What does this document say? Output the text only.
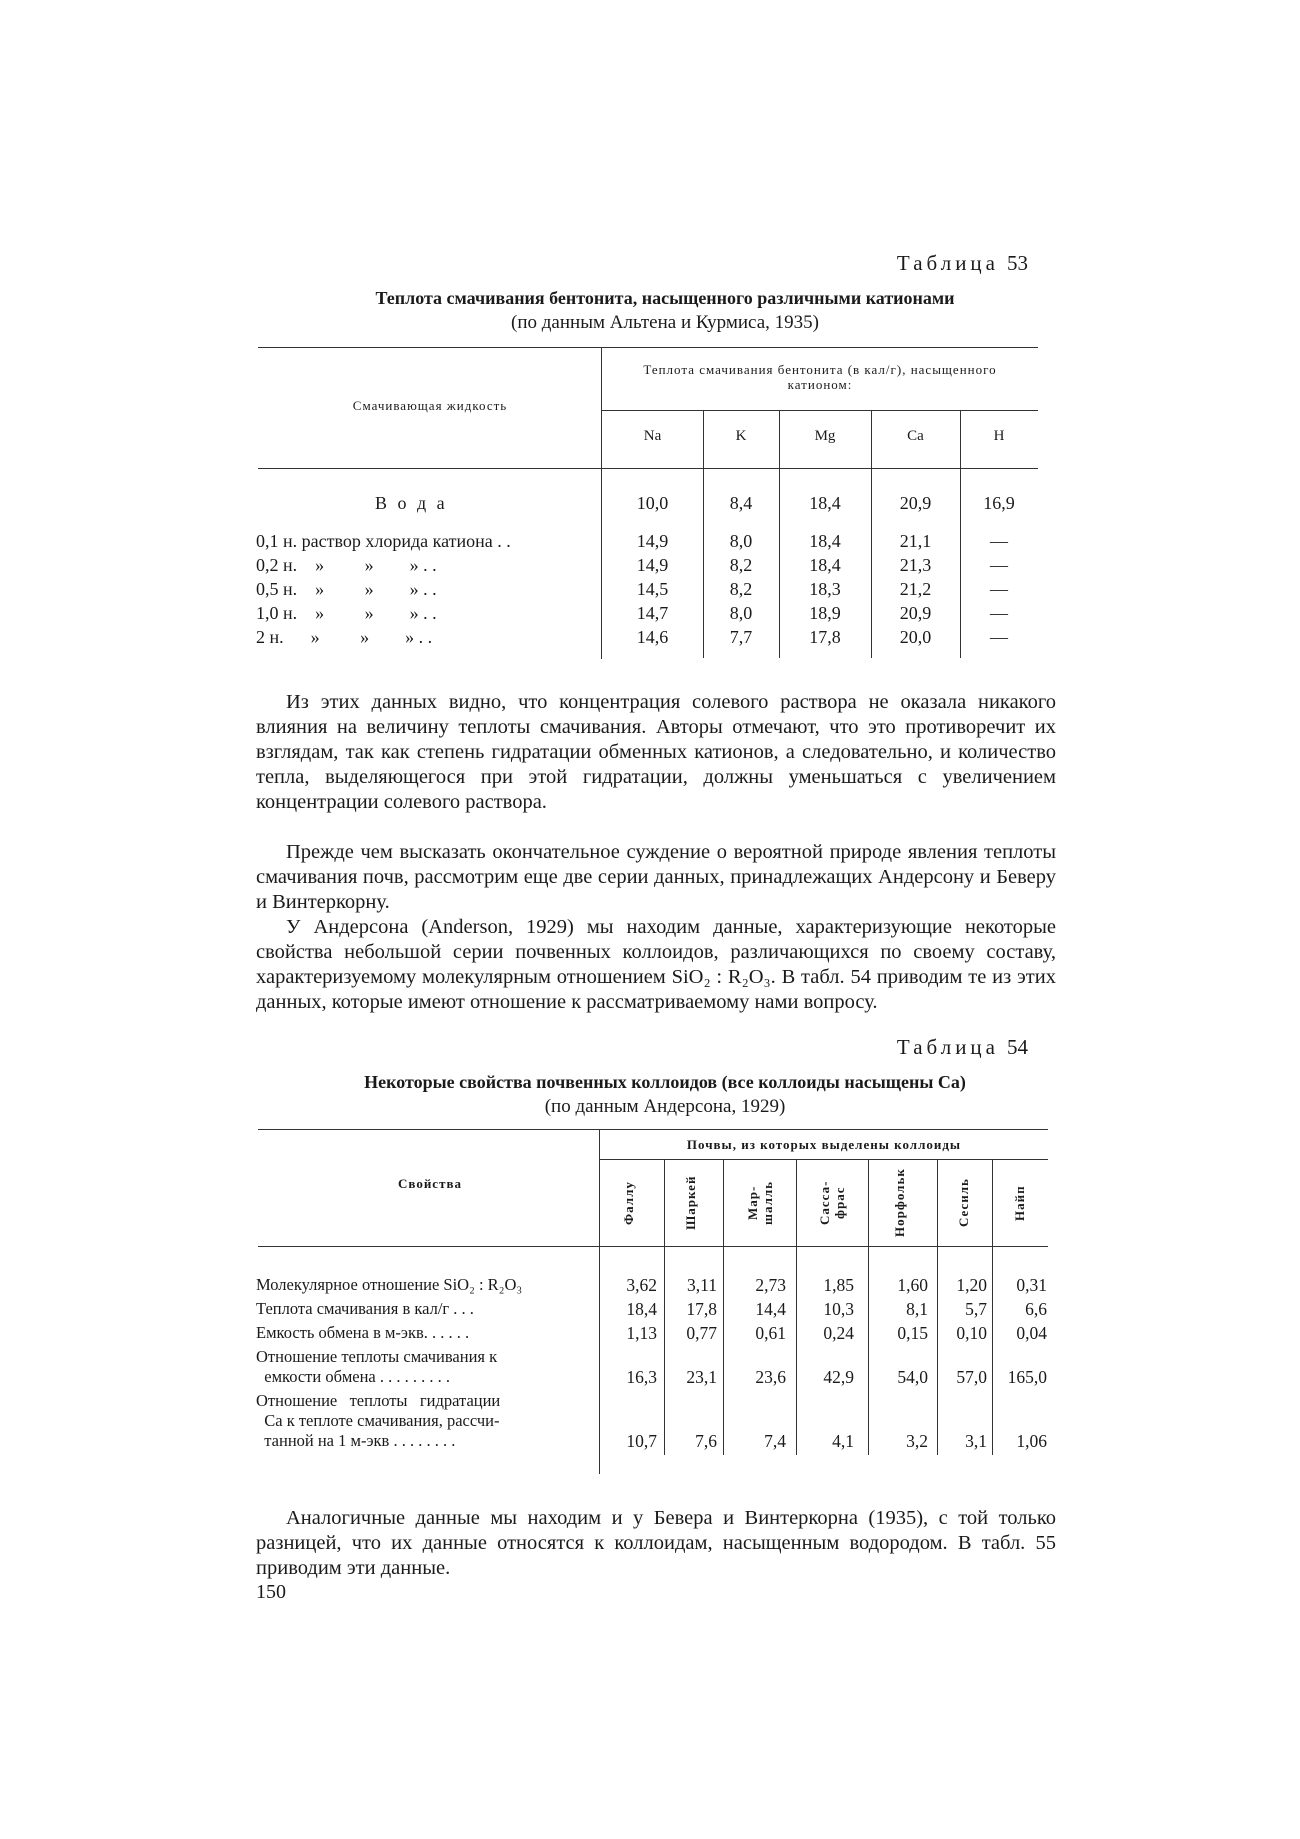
Таблица 53
Теплота смачивания бентонита, насыщенного различными катионами
(по данным Альтена и Курмиса, 1935)
Смачивающая жидкость
Теплота смачивания бентонита (в кал/г), насыщенного катионом:
Na	K	Mg	Ca	H
В о д а	10,0	8,4	18,4	20,9	16,9
0,1 н. раствор хлорида катиона . .	14,9	8,0	18,4	21,1	—
0,2 н.    »         »        » . .	14,9	8,2	18,4	21,3	—
0,5 н.    »         »        » . .	14,5	8,2	18,3	21,2	—
1,0 н.    »         »        » . .	14,7	8,0	18,9	20,9	—
2 н.      »         »        » . .	14,6	7,7	17,8	20,0	—
Из этих данных видно, что концентрация солевого раствора не оказала никакого влияния на величину теплоты смачивания. Авторы отмечают, что это противоречит их взглядам, так как степень гидратации обменных катионов, а следовательно, и количество тепла, выделяющегося при этой гидратации, должны уменьшаться с увеличением концентрации солевого раствора.
Прежде чем высказать окончательное суждение о вероятной природе явления теплоты смачивания почв, рассмотрим еще две серии данных, принадлежащих Андерсону и Беверу и Винтеркорну.
У Андерсона (Anderson, 1929) мы находим данные, характеризующие некоторые свойства небольшой серии почвенных коллоидов, различающихся по своему составу, характеризуемому молекулярным отношением SiO₂ : R₂O₃. В табл. 54 приводим те из этих данных, которые имеют отношение к рассматриваемому нами вопросу.
Таблица 54
Некоторые свойства почвенных коллоидов (все коллоиды насыщены Са)
(по данным Андерсона, 1929)
Свойства
Почвы, из которых выделены коллоиды
Фаллу	Шаркей	Мар-шалль	Сасса-фрас	Норфольк	Сесиль	Найп
Молекулярное отношение SiO₂ : R₂O₃	3,62	3,11	2,73	1,85	1,60	1,20	0,31
Теплота смачивания в кал/г . . .	18,4	17,8	14,4	10,3	8,1	5,7	6,6
Емкость обмена в м-экв. . . . . .	1,13	0,77	0,61	0,24	0,15	0,10	0,04
Отношение теплоты смачивания к
емкости обмена . . . . . . . . .	16,3	23,1	23,6	42,9	54,0	57,0	165,0
Отношение   теплоты   гидратации
Са к теплоте смачивания, рассчи-
танной на 1 м-экв . . . . . . . .	10,7	7,6	7,4	4,1	3,2	3,1	1,06
Аналогичные данные мы находим и у Бевера и Винтеркорна (1935), с той только разницей, что их данные относятся к коллоидам, насыщенным водородом. В табл. 55 приводим эти данные.
150
